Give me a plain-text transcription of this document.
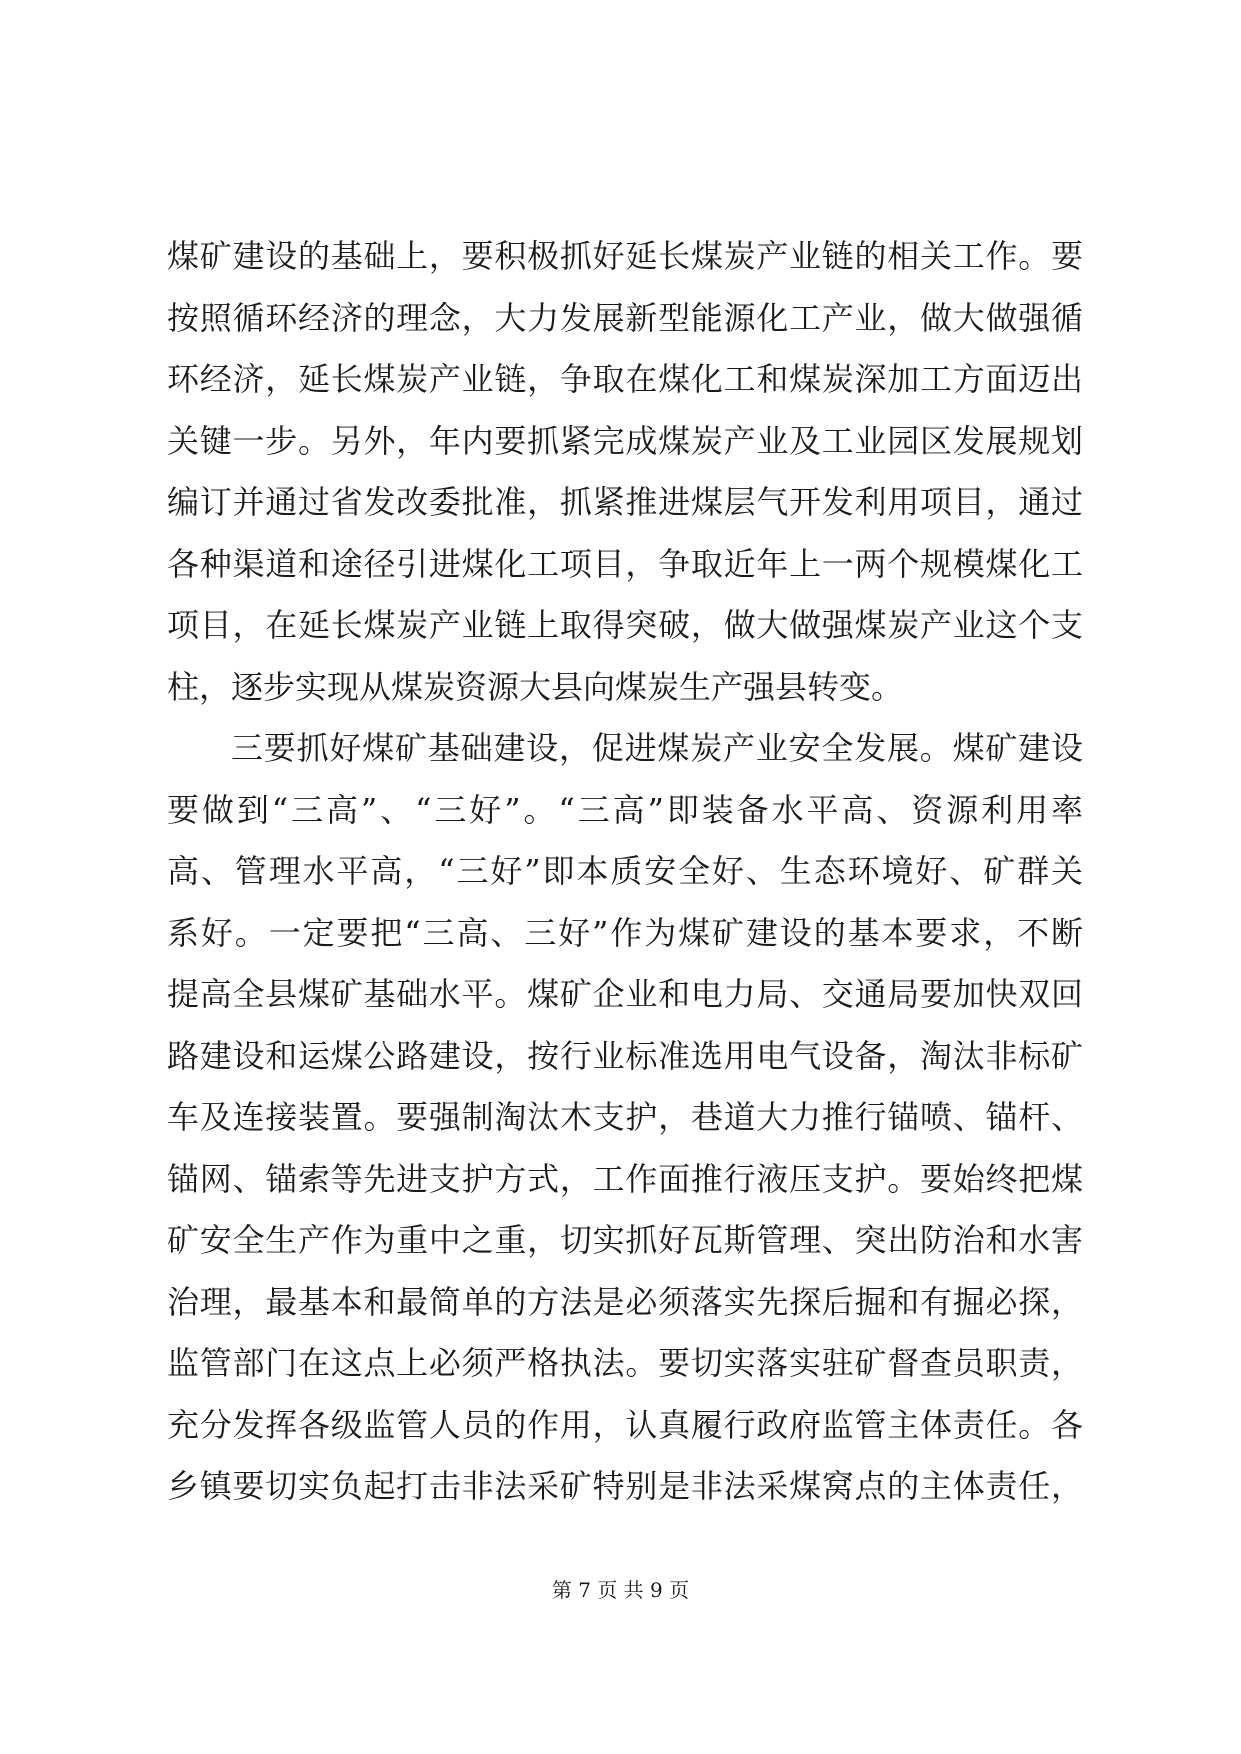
煤矿建设的基础上，要积极抓好延长煤炭产业链的相关工作。要
按照循环经济的理念，大力发展新型能源化工产业，做大做强循
环经济，延长煤炭产业链，争取在煤化工和煤炭深加工方面迈出
关键一步。另外，年内要抓紧完成煤炭产业及工业园区发展规划
编订并通过省发改委批准，抓紧推进煤层气开发利用项目，通过
各种渠道和途径引进煤化工项目，争取近年上一两个规模煤化工
项目，在延长煤炭产业链上取得突破，做大做强煤炭产业这个支
柱，逐步实现从煤炭资源大县向煤炭生产强县转变。
三要抓好煤矿基础建设，促进煤炭产业安全发展。煤矿建设
要做到“三高”、“三好”。“三高”即装备水平高、资源利用率
高、管理水平高，“三好”即本质安全好、生态环境好、矿群关
系好。一定要把“三高、三好”作为煤矿建设的基本要求，不断
提高全县煤矿基础水平。煤矿企业和电力局、交通局要加快双回
路建设和运煤公路建设，按行业标准选用电气设备，淘汰非标矿
车及连接装置。要强制淘汰木支护，巷道大力推行锚喷、锚杆、
锚网、锚索等先进支护方式，工作面推行液压支护。要始终把煤
矿安全生产作为重中之重，切实抓好瓦斯管理、突出防治和水害
治理，最基本和最简单的方法是必须落实先探后掘和有掘必探，
监管部门在这点上必须严格执法。要切实落实驻矿督查员职责，
充分发挥各级监管人员的作用，认真履行政府监管主体责任。各
乡镇要切实负起打击非法采矿特别是非法采煤窝点的主体责任，
第 7 页 共 9 页
